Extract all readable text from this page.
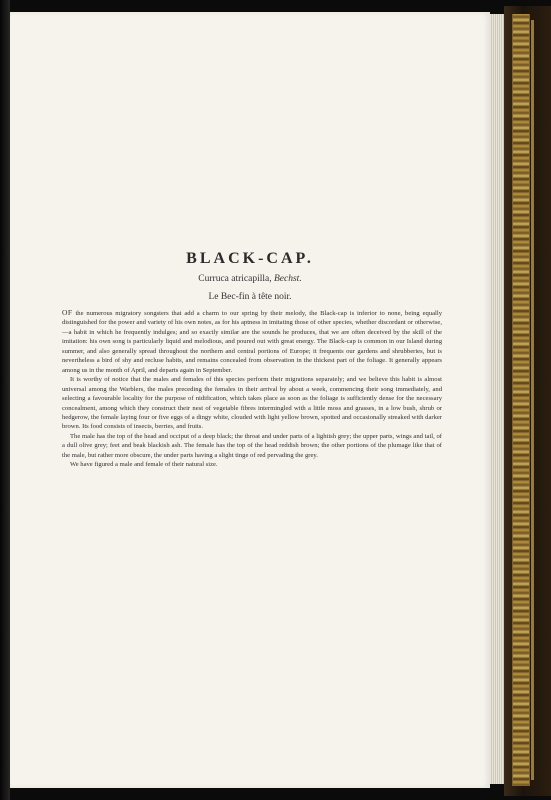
BLACK-CAP.
Curruca atricapilla, Bechst.
Le Bec-fin à tête noir.

OF the numerous migratory songsters that add a charm to our spring by their melody, the Black-cap is inferior to none, being equally distinguished for the power and variety of his own notes, as for his aptness in imitating those of other species, whether discordant or otherwise,—a habit in which he frequently indulges; and so exactly similar are the sounds he produces, that we are often deceived by the skill of the imitation: his own song is particularly liquid and melodious, and poured out with great energy. The Black-cap is common in our Island during summer, and also generally spread throughout the northern and central portions of Europe; it frequents our gardens and shrubberies, but is nevertheless a bird of shy and recluse habits, and remains concealed from observation in the thickest part of the foliage. It generally appears among us in the month of April, and departs again in September.

It is worthy of notice that the males and females of this species perform their migrations separately; and we believe this habit is almost universal among the Warblers, the males preceding the females in their arrival by about a week, commencing their song immediately, and selecting a favourable locality for the purpose of nidification, which takes place as soon as the foliage is sufficiently dense for the necessary concealment, among which they construct their nest of vegetable fibres intermingled with a little moss and grasses, in a low bush, shrub or hedgerow, the female laying four or five eggs of a dingy white, clouded with light yellow brown, spotted and occasionally streaked with darker brown. Its food consists of insects, berries, and fruits.

The male has the top of the head and occiput of a deep black; the throat and under parts of a lightish grey; the upper parts, wings and tail, of a dull olive grey; feet and beak blackish ash. The female has the top of the head reddish brown; the other portions of the plumage like that of the male, but rather more obscure, the under parts having a slight tinge of red pervading the grey.

We have figured a male and female of their natural size.
